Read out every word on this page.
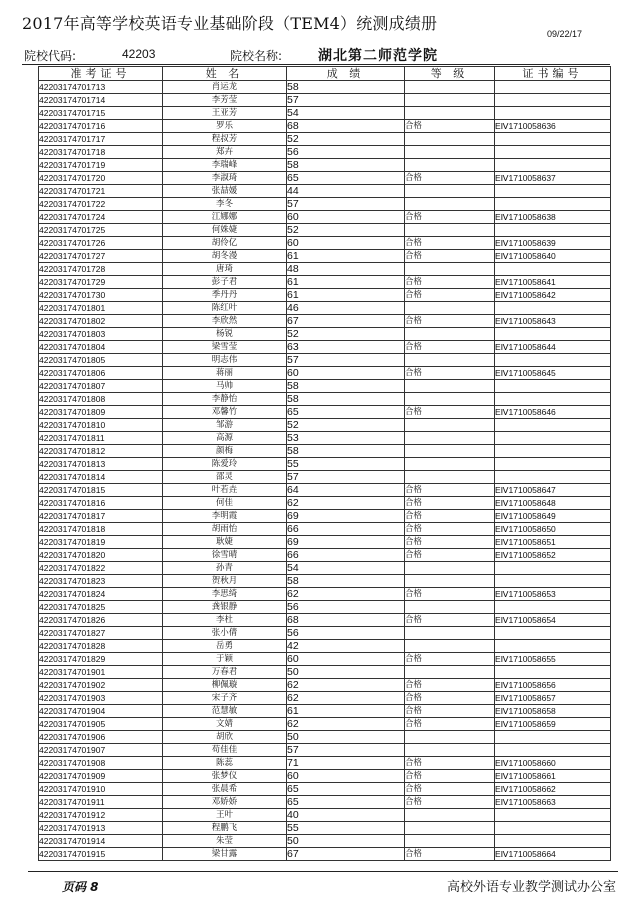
2017年高等学校英语专业基础阶段（TEM4）统测成绩册
09/22/17
院校代码:	42203	院校名称:	湖北第二师范学院
准考证号	姓 名	成 绩	等 级	证书编号
42203174701713	肖运龙	58		
42203174701714	李芳莹	57		
42203174701715	王亚芳	54		
42203174701716	罗乐	68	合格	EⅣ1710058636
42203174701717	程叔芳	52		
42203174701718	郑卉	56		
42203174701719	李瑞峰	58		
42203174701720	李淑琦	65	合格	EⅣ1710058637
42203174701721	张喆媛	44		
42203174701722	李冬	57		
42203174701724	江娜娜	60	合格	EⅣ1710058638
42203174701725	何姝婕	52		
42203174701726	胡伶亿	60	合格	EⅣ1710058639
42203174701727	胡冬漫	61	合格	EⅣ1710058640
42203174701728	唐琦	48		
42203174701729	彭子君	61	合格	EⅣ1710058641
42203174701730	季丹丹	61	合格	EⅣ1710058642
42203174701801	陈红叶	46		
42203174701802	李欣然	67	合格	EⅣ1710058643
42203174701803	杨锐	52		
42203174701804	梁雪莹	63	合格	EⅣ1710058644
42203174701805	明志伟	57		
42203174701806	蒋丽	60	合格	EⅣ1710058645
42203174701807	马帅	58		
42203174701808	李静怡	58		
42203174701809	邓馨竹	65	合格	EⅣ1710058646
42203174701810	邹游	52		
42203174701811	高源	53		
42203174701812	颜梅	58		
42203174701813	陈爱玲	55		
42203174701814	邵灵	57		
42203174701815	叶若垚	64	合格	EⅣ1710058647
42203174701816	何佳	62	合格	EⅣ1710058648
42203174701817	李明霞	69	合格	EⅣ1710058649
42203174701818	胡雨怡	66	合格	EⅣ1710058650
42203174701819	耿婕	69	合格	EⅣ1710058651
42203174701820	徐雪晴	66	合格	EⅣ1710058652
42203174701822	孙青	54		
42203174701823	贺秋月	58		
42203174701824	李思绮	62	合格	EⅣ1710058653
42203174701825	龚银静	56		
42203174701826	李杜	68	合格	EⅣ1710058654
42203174701827	张小倩	56		
42203174701828	岳勇	42		
42203174701829	于颖	60	合格	EⅣ1710058655
42203174701901	万春君	50		
42203174701902	柳佩璇	62	合格	EⅣ1710058656
42203174701903	宋子齐	62	合格	EⅣ1710058657
42203174701904	范慧敏	61	合格	EⅣ1710058658
42203174701905	文婧	62	合格	EⅣ1710058659
42203174701906	胡欣	50		
42203174701907	苟佳佳	57		
42203174701908	陈蕊	71	合格	EⅣ1710058660
42203174701909	张梦仪	60	合格	EⅣ1710058661
42203174701910	张晨希	65	合格	EⅣ1710058662
42203174701911	邓娇娇	65	合格	EⅣ1710058663
42203174701912	王叶	40		
42203174701913	程鹏飞	55		
42203174701914	朱莹	50		
42203174701915	梁甘露	67	合格	EⅣ1710058664
页码 8	高校外语专业教学测试办公室
